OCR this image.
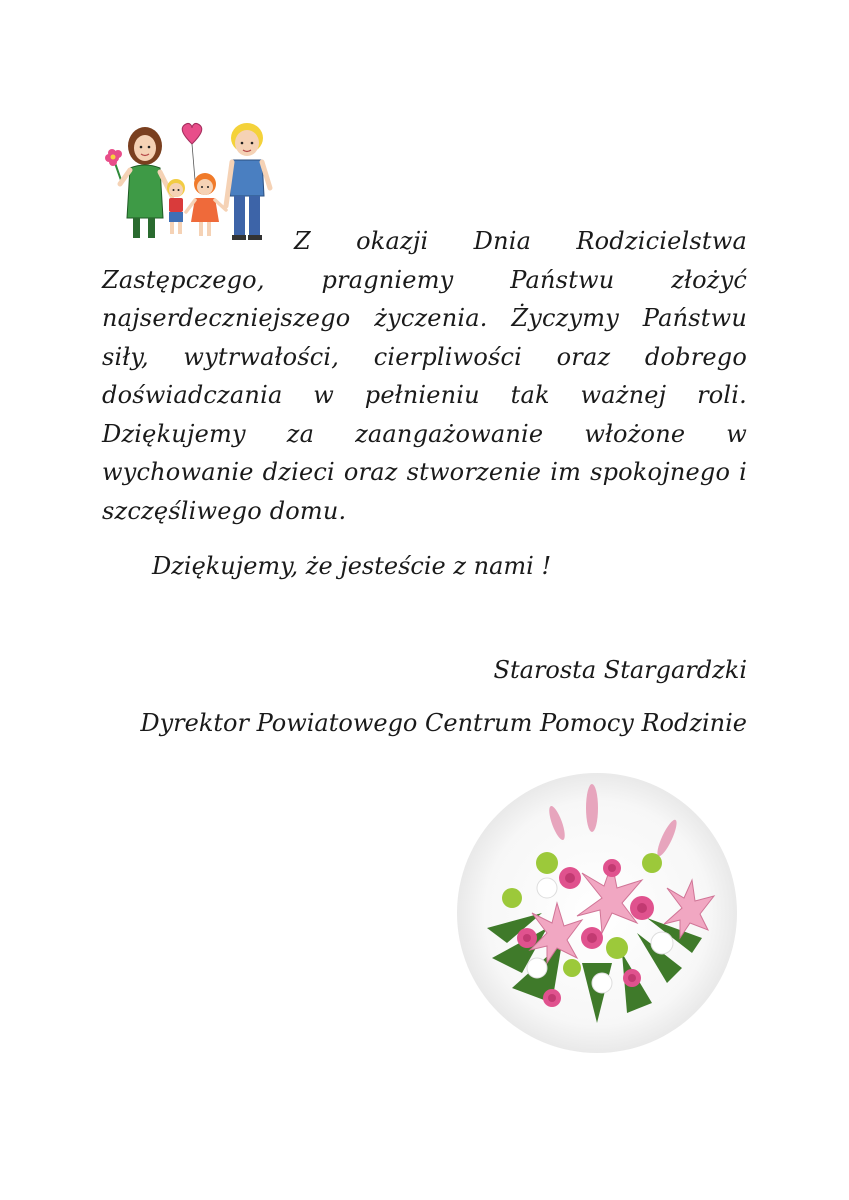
Z okazji Dnia Rodzicielstwa
Zastępczego, pragniemy Państwu złożyć
najserdeczniejszego życzenia. Życzymy Państwu
siły, wytrwałości, cierpliwości oraz dobrego
doświadczania w pełnieniu tak ważnej roli.
Dziękujemy za zaangażowanie włożone w
wychowanie dzieci oraz stworzenie im spokojnego i
szczęśliwego domu.
Dziękujemy, że jesteście z nami !
Starosta Stargardzki
Dyrektor Powiatowego Centrum Pomocy Rodzinie
